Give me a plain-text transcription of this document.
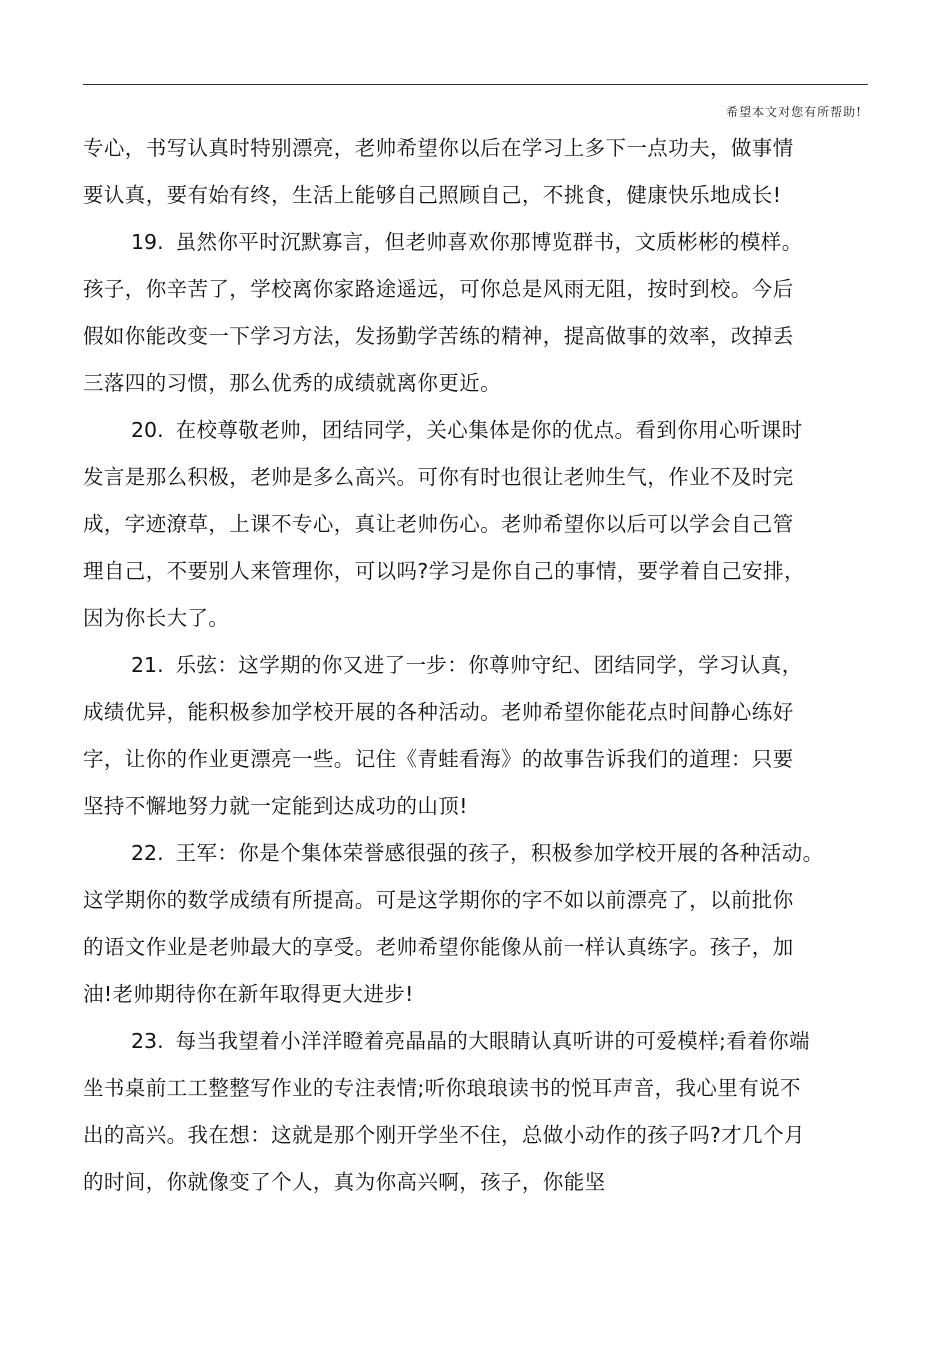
希望本文对您有所帮助!
专心，书写认真时特别漂亮，老帅希望你以后在学习上多下一点功夫，做事情
要认真，要有始有终，生活上能够自己照顾自己，不挑食，健康快乐地成长!
19. 虽然你平时沉默寡言，但老帅喜欢你那博览群书，文质彬彬的模样。
孩子，你辛苦了，学校离你家路途遥远，可你总是风雨无阻，按时到校。今后
假如你能改变一下学习方法，发扬勤学苦练的精神，提高做事的效率，改掉丢
三落四的习惯，那么优秀的成绩就离你更近。
20. 在校尊敬老帅，团结同学，关心集体是你的优点。看到你用心听课时
发言是那么积极，老帅是多么高兴。可你有时也很让老帅生气，作业不及时完
成，字迹潦草，上课不专心，真让老帅伤心。老帅希望你以后可以学会自己管
理自己，不要别人来管理你，可以吗?学习是你自己的事情，要学着自己安排，
因为你长大了。
21. 乐弦：这学期的你又进了一步：你尊帅守纪、团结同学，学习认真，
成绩优异，能积极参加学校开展的各种活动。老帅希望你能花点时间静心练好
字，让你的作业更漂亮一些。记住《青蛙看海》的故事告诉我们的道理：只要
坚持不懈地努力就一定能到达成功的山顶!
22. 王军：你是个集体荣誉感很强的孩子，积极参加学校开展的各种活动。
这学期你的数学成绩有所提高。可是这学期你的字不如以前漂亮了，以前批你
的语文作业是老帅最大的享受。老帅希望你能像从前一样认真练字。孩子，加
油!老帅期待你在新年取得更大进步!
23. 每当我望着小洋洋瞪着亮晶晶的大眼睛认真听讲的可爱模样;看着你端
坐书桌前工工整整写作业的专注表情;听你琅琅读书的悦耳声音，我心里有说不
出的高兴。我在想：这就是那个刚开学坐不住，总做小动作的孩子吗?才几个月
的时间，你就像变了个人，真为你高兴啊，孩子，你能坚
